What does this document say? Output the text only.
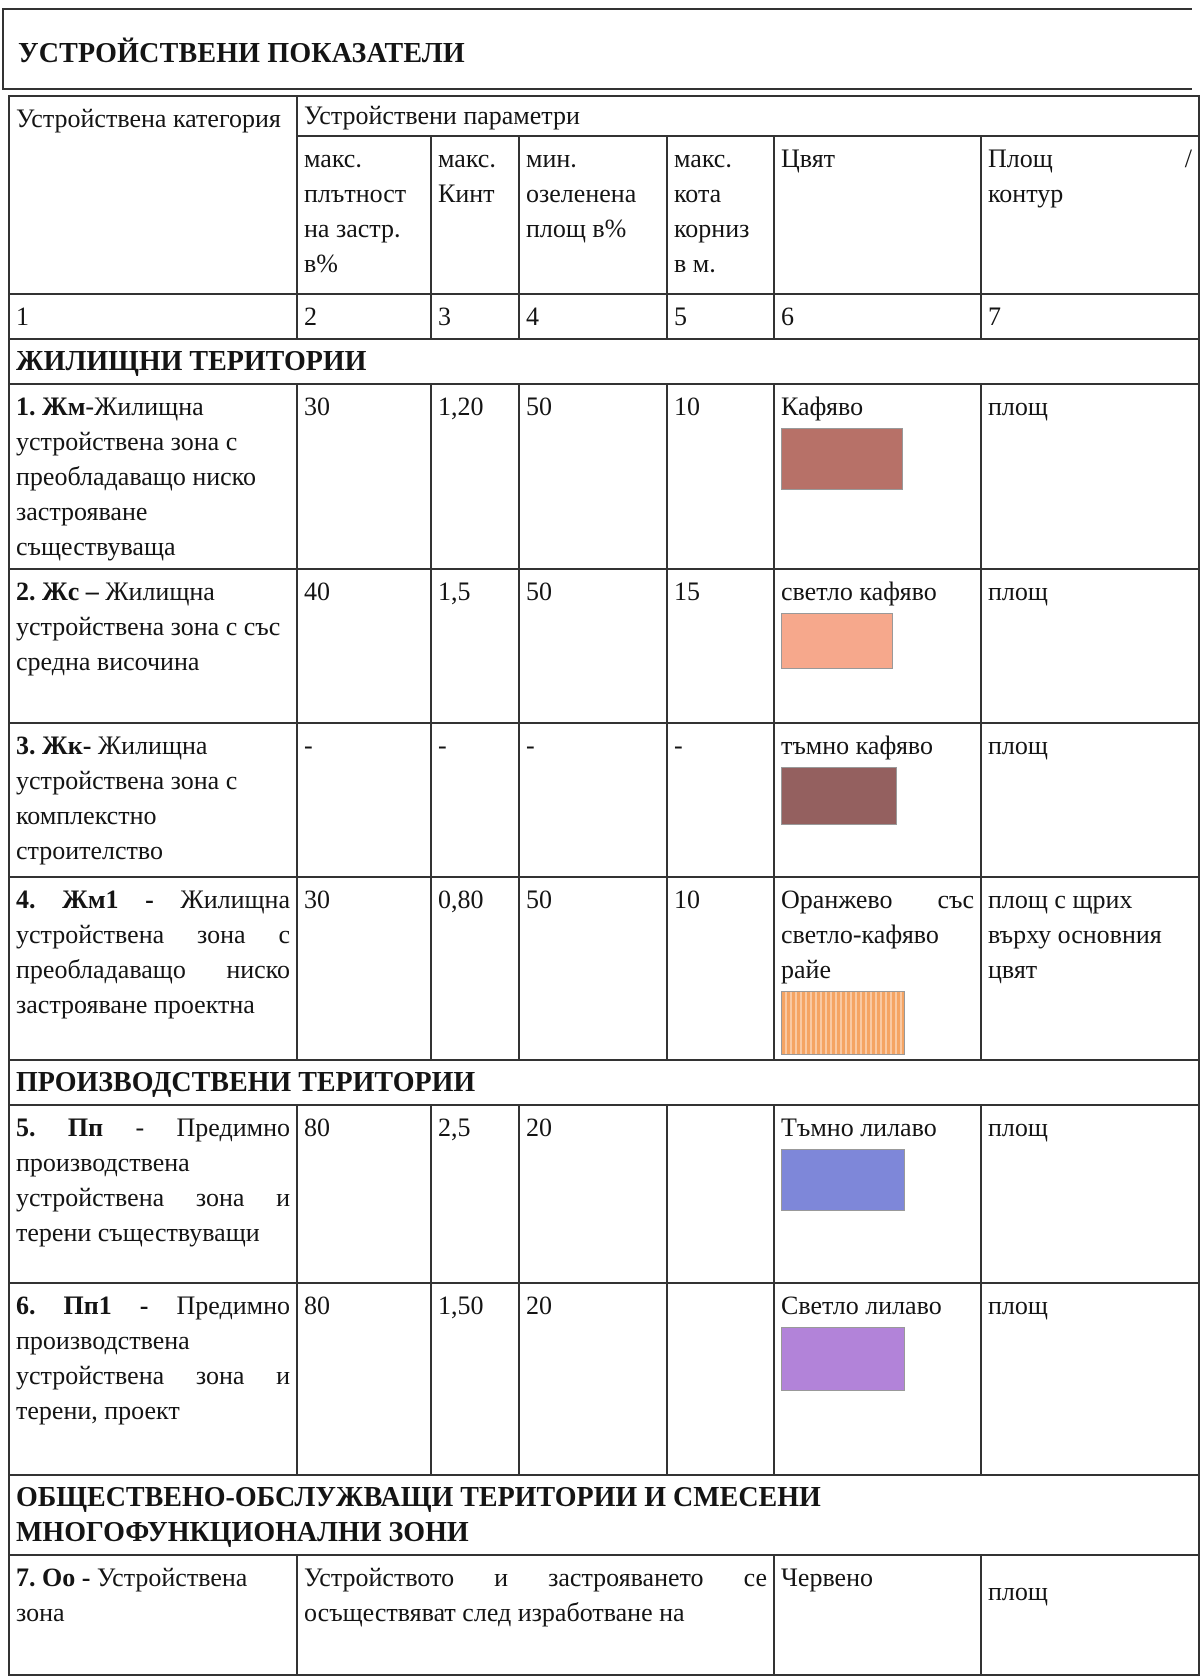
УСТРОЙСТВЕНИ ПОКАЗАТЕЛИ
Устройствена категория	Устройствени параметри					
	макс. плътност на застр. в%	макс. Кинт	мин. озеленена площ в%	макс. кота корниз в м.	Цвят	Площ /
контур

1	2	3	4	5	6	7
ЖИЛИЩНИ ТЕРИТОРИИ						
1. Жм-Жилищна устройствена зона с преобладаващо ниско застрояване съществуваща	30	1,20	50	10	Кафяво	площ
2. Жс – Жилищна устройствена зона с със средна височина	40	1,5	50	15	светло кафяво	площ
3. Жк- Жилищна устройствена зона с комплекстно строителство	-	-	-	-	тъмно кафяво	площ
4. Жм1 - Жилищна устройствена зона с преобладаващо ниско застрояване проектна	30	0,80	50	10	Оранжево със светло-кафяво райе	площ с щрих върху основния цвят
ПРОИЗВОДСТВЕНИ ТЕРИТОРИИ						
5. Пп - Предимно производствена устройствена зона и терени съществуващи	80	2,5	20		Тъмно лилаво	площ
6. Пп1 - Предимно производствена устройствена зона и терени, проект	80	1,50	20		Светло лилаво	площ
ОБЩЕСТВЕНО-ОБСЛУЖВАЩИ ТЕРИТОРИИ И СМЕСЕНИ МНОГОФУНКЦИОНАЛНИ ЗОНИ						
7. Оо - Устройствена зона	Устройството и застрояването се осъществяват след изработване на				Червено	площ
